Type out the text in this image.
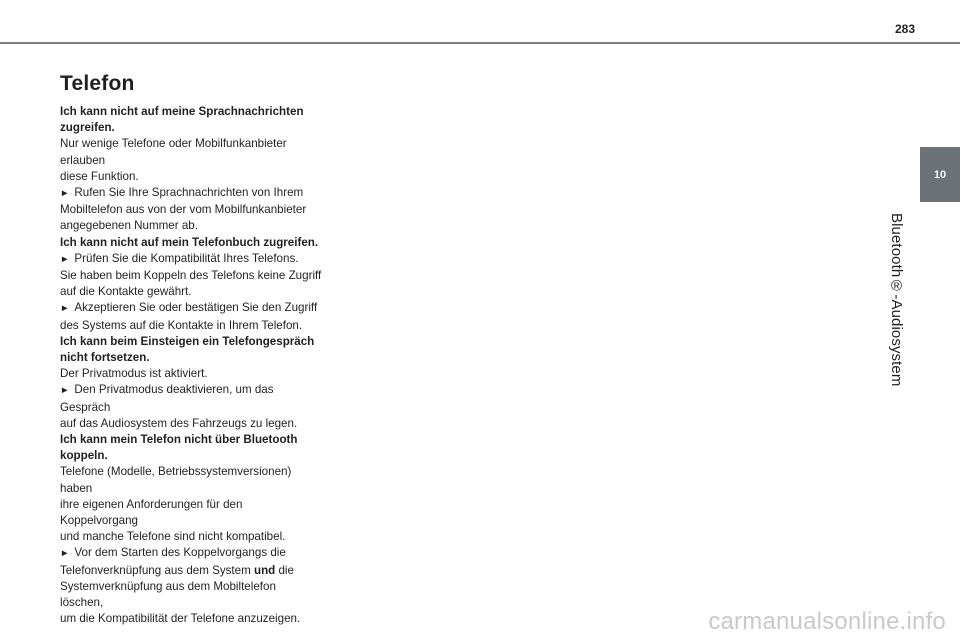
283
10
Bluetooth®-Audiosystem
Telefon

Ich kann nicht auf meine Sprachnachrichten

zugreifen.

Nur wenige Telefone oder Mobilfunkanbieter erlauben

diese Funktion.

► Rufen Sie Ihre Sprachnachrichten von Ihrem

Mobiltelefon aus von der vom Mobilfunkanbieter

angegebenen Nummer ab.

Ich kann nicht auf mein Telefonbuch zugreifen.

► Prüfen Sie die Kompatibilität Ihres Telefons.

Sie haben beim Koppeln des Telefons keine Zugriff

auf die Kontakte gewährt.

► Akzeptieren Sie oder bestätigen Sie den Zugriff

des Systems auf die Kontakte in Ihrem Telefon.

Ich kann beim Einsteigen ein Telefongespräch

nicht fortsetzen.

Der Privatmodus ist aktiviert.

► Den Privatmodus deaktivieren, um das Gespräch

auf das Audiosystem des Fahrzeugs zu legen.

Ich kann mein Telefon nicht über Bluetooth

koppeln.

Telefone (Modelle, Betriebssystemversionen) haben

ihre eigenen Anforderungen für den Koppelvorgang

und manche Telefone sind nicht kompatibel.

► Vor dem Starten des Koppelvorgangs die

Telefonverknüpfung aus dem System und die

Systemverknüpfung aus dem Mobiltelefon löschen,

um die Kompatibilität der Telefone anzuzeigen.	carmanualsonline.info
